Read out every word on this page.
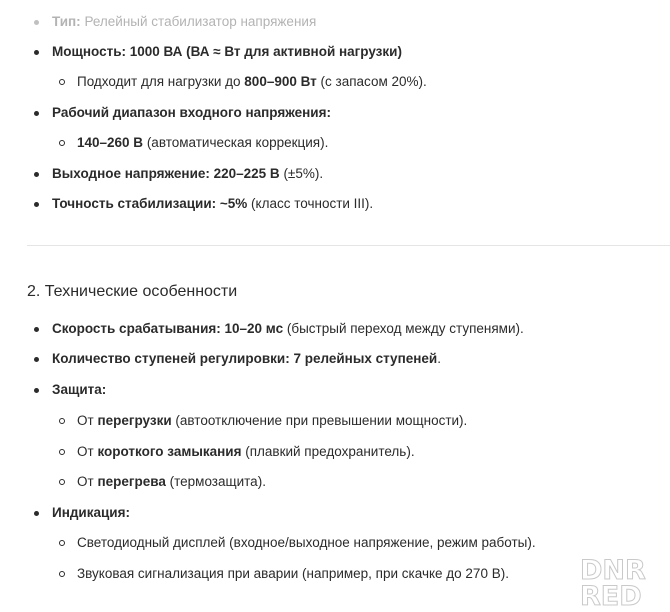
Тип: Релейный стабилизатор напряжения
Мощность: 1000 ВА (ВА ≈ Вт для активной нагрузки)
Подходит для нагрузки до 800–900 Вт (с запасом 20%).
Рабочий диапазон входного напряжения:
140–260 В (автоматическая коррекция).
Выходное напряжение: 220–225 В (±5%).
Точность стабилизации: ~5% (класс точности III).
2. Технические особенности
Скорость срабатывания: 10–20 мс (быстрый переход между ступенями).
Количество ступеней регулировки: 7 релейных ступеней.
Защита:
От перегрузки (автоотключение при превышении мощности).
От короткого замыкания (плавкий предохранитель).
От перегрева (термозащита).
Индикация:
Светодиодный дисплей (входное/выходное напряжение, режим работы).
Звуковая сигнализация при аварии (например, при скачке до 270 В).	DNR
RED
